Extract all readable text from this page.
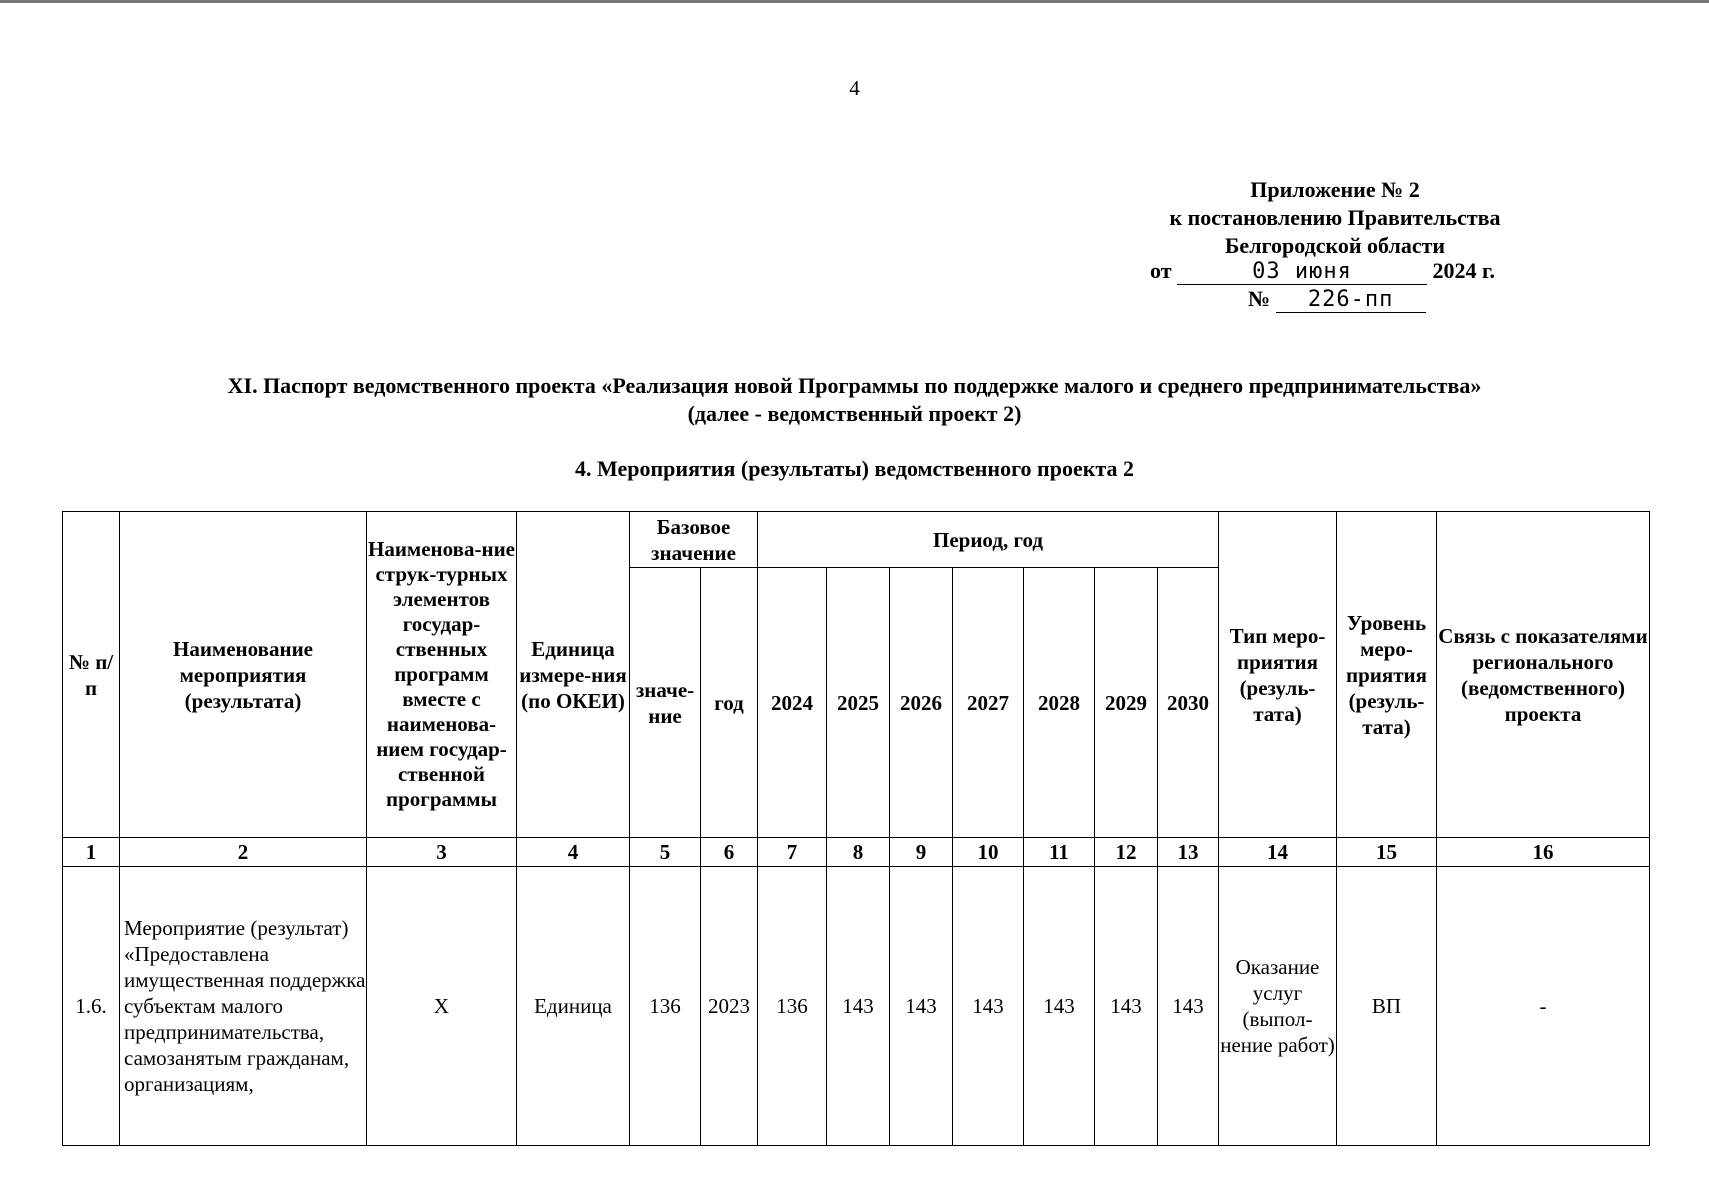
4
Приложение № 2
к постановлению Правительства
Белгородской области
от	03 июня	2024 г.
№ 226-пп
XI. Паспорт ведомственного проекта «Реализация новой Программы по поддержке малого и среднего предпринимательства»
(далее - ведомственный проект 2)
4. Мероприятия (результаты) ведомственного проекта 2
№ п/п	Наименование мероприятия (результата)	Наименова-ние струк-турных элементов государ-ственных программ вместе с наименова-нием государ-ственной программы	Единица измере-ния (по ОКЕИ)	Базовое значение		Период, год							Тип меро-приятия (резуль-тата)	Уровень меро-приятия (резуль-тата)	Связь с показателями регионального (ведомственного) проекта
				значе-ние	год	2024	2025	2026	2027	2028	2029	2030			
1	2	3	4	5	6	7	8	9	10	11	12	13	14	15	16
1.6.	Мероприятие (результат) «Предоставлена имущественная поддержка субъектам малого предпринимательства, самозанятым гражданам, организациям,	X	Единица	136	2023	136	143	143	143	143	143	143	Оказание услуг (выпол-нение работ)	ВП	-
